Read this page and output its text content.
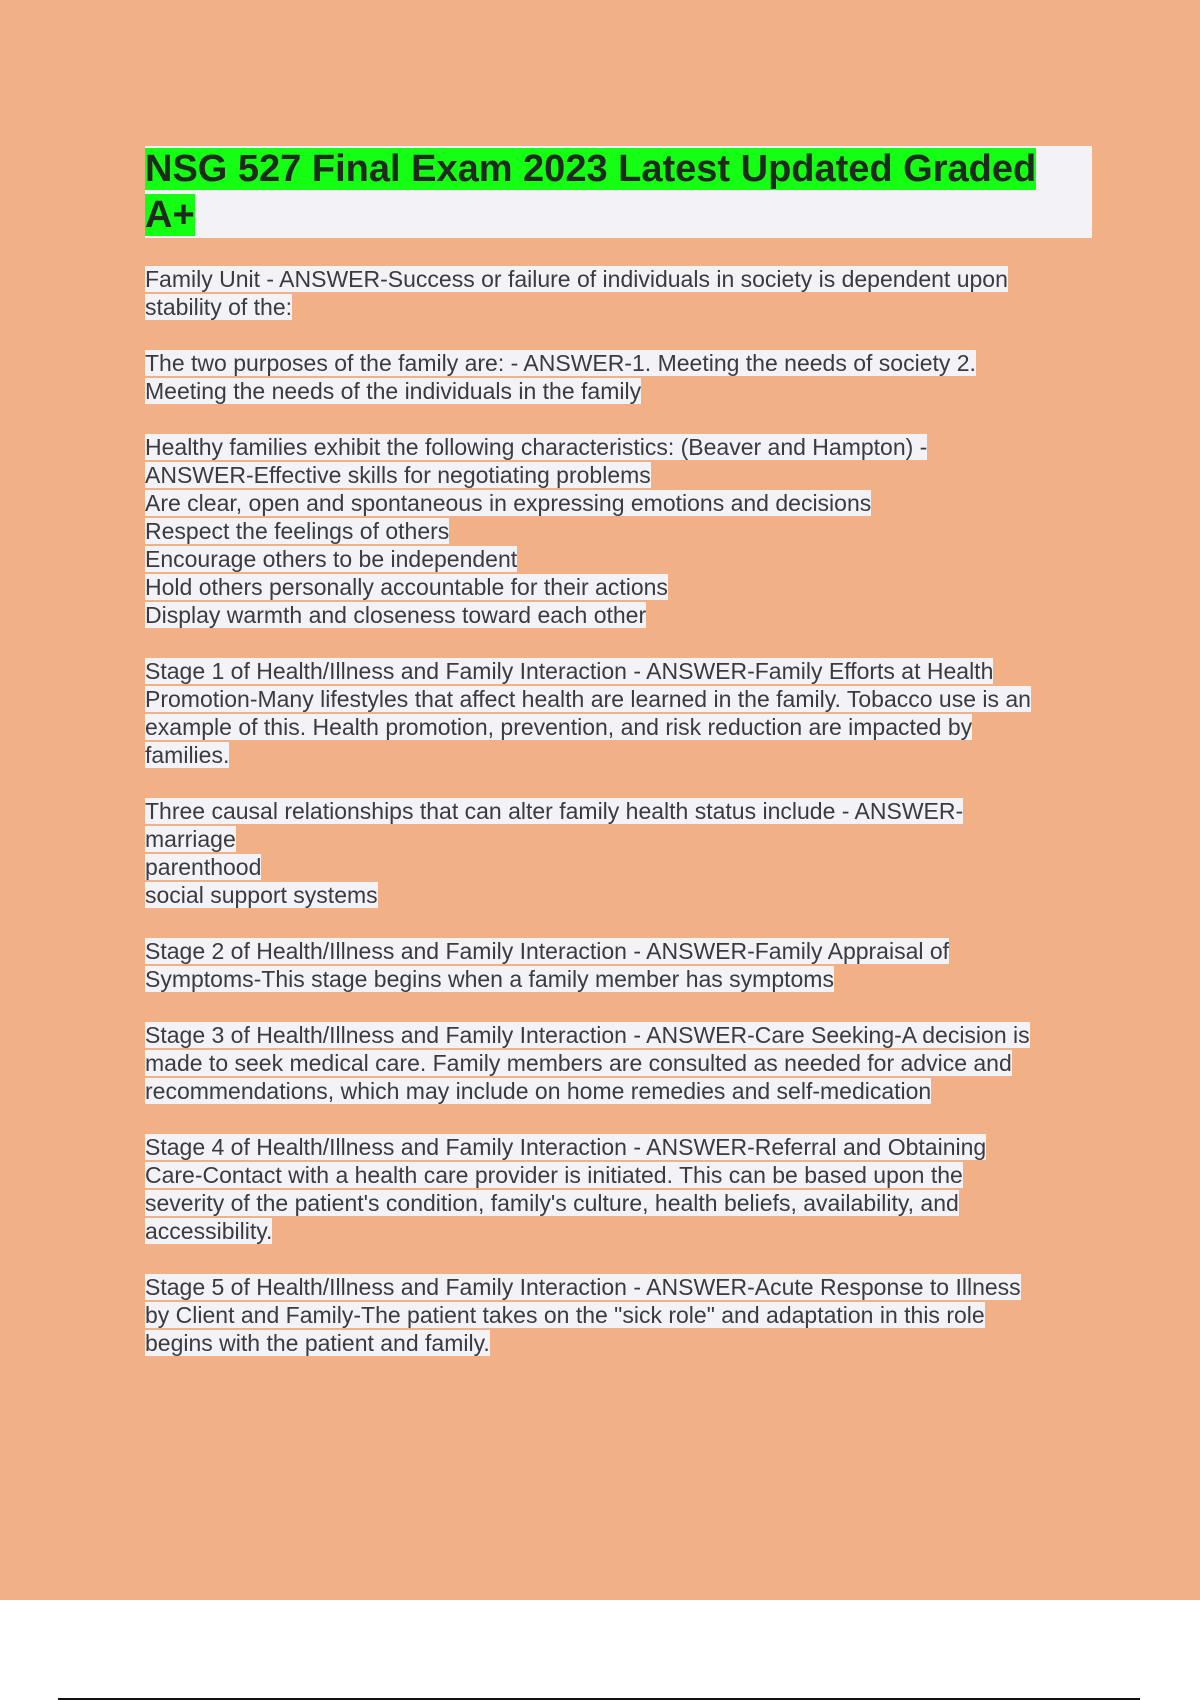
NSG 527 Final Exam 2023 Latest Updated Graded A+

Family Unit - ANSWER-Success or failure of individuals in society is dependent upon
stability of the:

The two purposes of the family are: - ANSWER-1. Meeting the needs of society 2.
Meeting the needs of the individuals in the family

Healthy families exhibit the following characteristics: (Beaver and Hampton) -
ANSWER-Effective skills for negotiating problems
Are clear, open and spontaneous in expressing emotions and decisions
Respect the feelings of others
Encourage others to be independent
Hold others personally accountable for their actions
Display warmth and closeness toward each other

Stage 1 of Health/Illness and Family Interaction - ANSWER-Family Efforts at Health
Promotion-Many lifestyles that affect health are learned in the family. Tobacco use is an
example of this. Health promotion, prevention, and risk reduction are impacted by
families.

Three causal relationships that can alter family health status include - ANSWER-
marriage
parenthood
social support systems

Stage 2 of Health/Illness and Family Interaction - ANSWER-Family Appraisal of
Symptoms-This stage begins when a family member has symptoms

Stage 3 of Health/Illness and Family Interaction - ANSWER-Care Seeking-A decision is
made to seek medical care. Family members are consulted as needed for advice and
recommendations, which may include on home remedies and self-medication

Stage 4 of Health/Illness and Family Interaction - ANSWER-Referral and Obtaining
Care-Contact with a health care provider is initiated. This can be based upon the
severity of the patient's condition, family's culture, health beliefs, availability, and
accessibility.

Stage 5 of Health/Illness and Family Interaction - ANSWER-Acute Response to Illness
by Client and Family-The patient takes on the "sick role" and adaptation in this role
begins with the patient and family.
